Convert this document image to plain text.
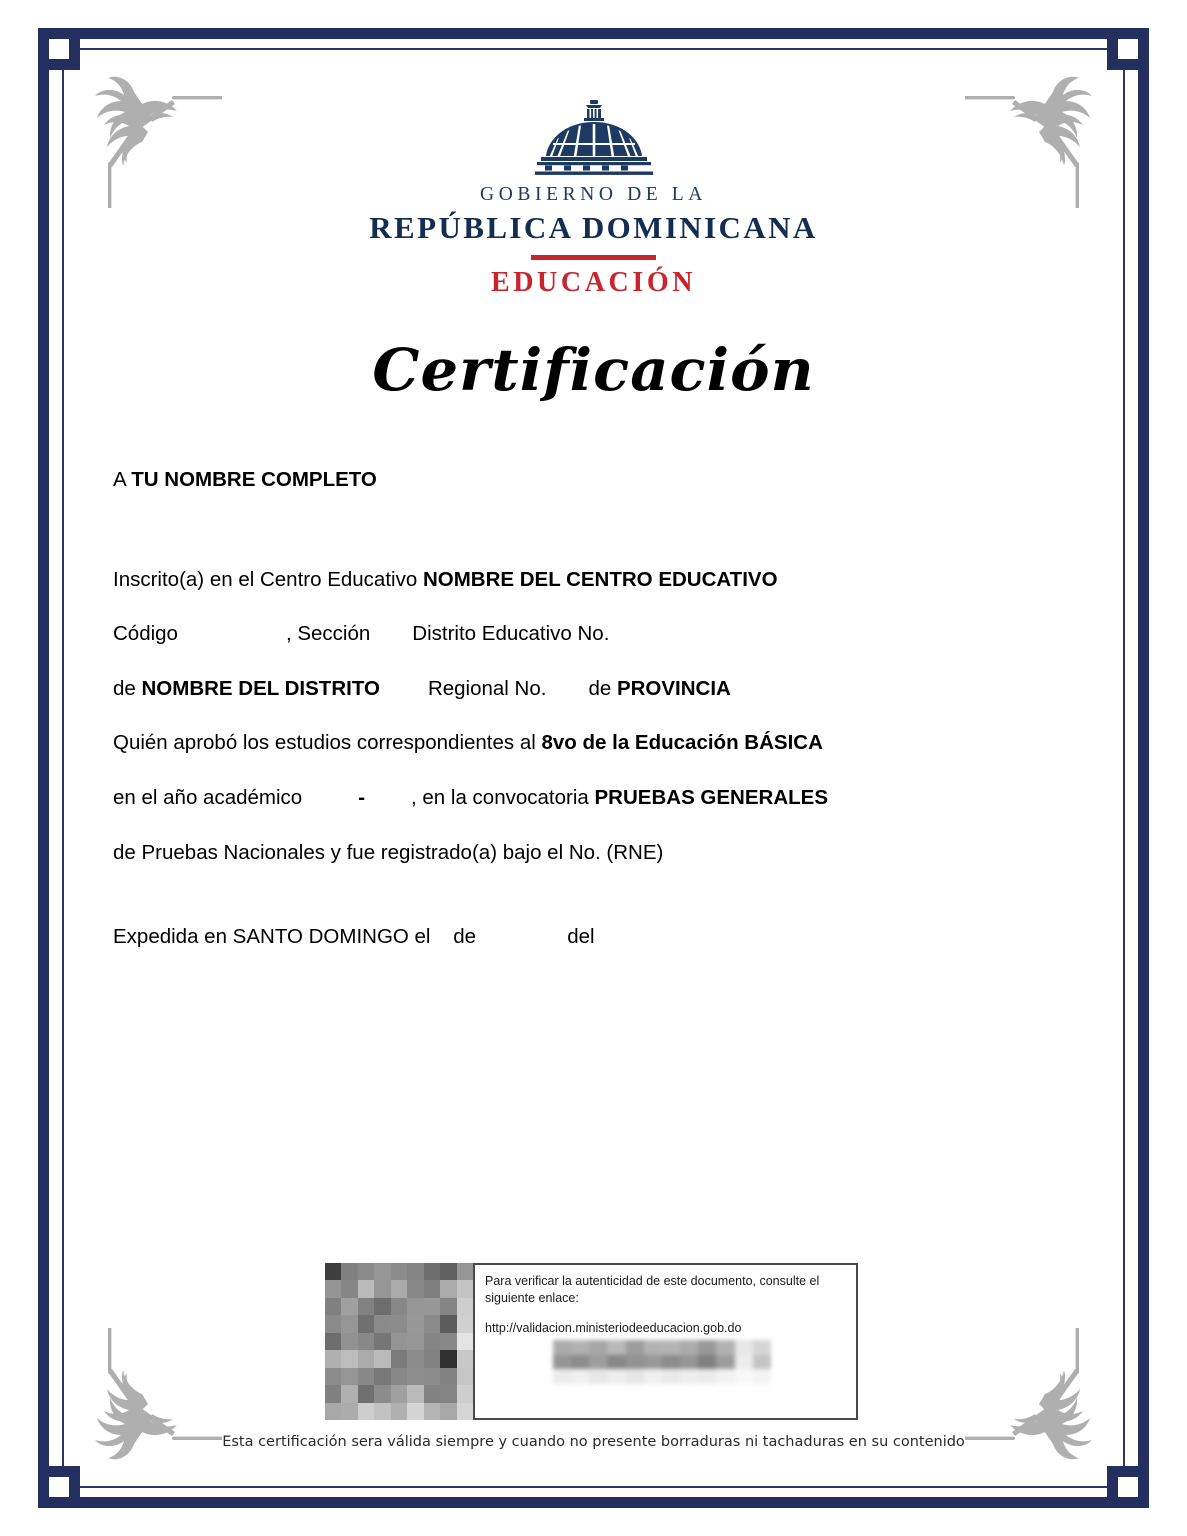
GOBIERNO DE LA
REPÚBLICA DOMINICANA
EDUCACIÓN
Certificación

A TU NOMBRE COMPLETO

Inscrito(a) en el Centro Educativo NOMBRE DEL CENTRO EDUCATIVO

Código	, Sección Distrito Educativo No.

de NOMBRE DEL DISTRITO Regional No. de PROVINCIA

Quién aprobó los estudios correspondientes al 8vo de la Educación BÁSICA

en el año académico	- , en la convocatoria PRUEBAS GENERALES

de Pruebas Nacionales y fue registrado(a) bajo el No. (RNE)

Expedida en SANTO DOMINGO el    de                del

Para verificar la autenticidad de este documento, consulte el siguiente enlace:
http://validacion.ministeriodeeducacion.gob.do
Esta certificación sera válida siempre y cuando no presente borraduras ni tachaduras en su contenido
